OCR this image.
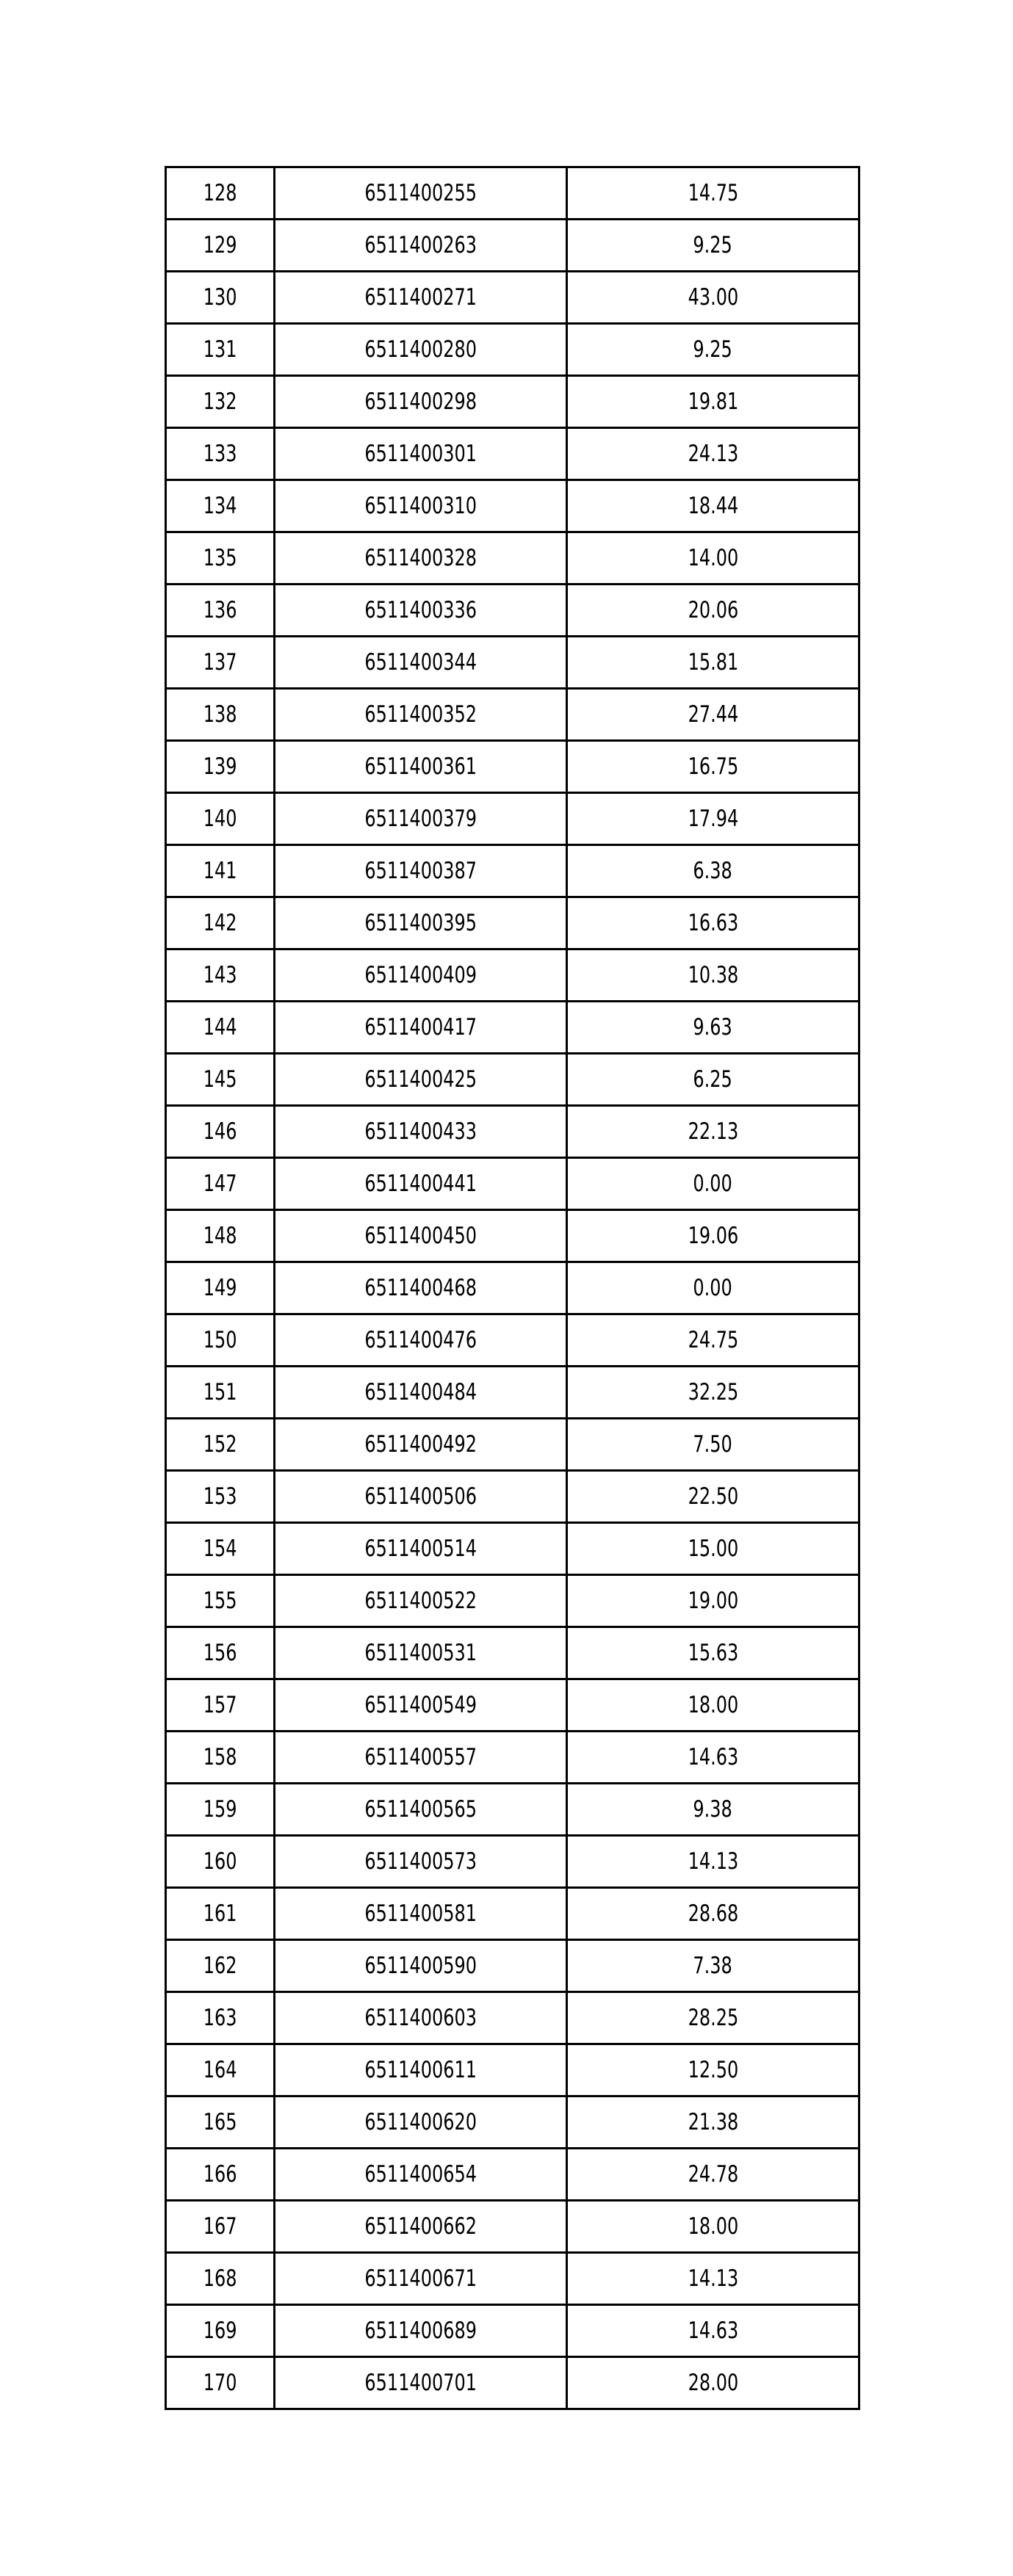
128	6511400255	14.75
129	6511400263	9.25
130	6511400271	43.00
131	6511400280	9.25
132	6511400298	19.81
133	6511400301	24.13
134	6511400310	18.44
135	6511400328	14.00
136	6511400336	20.06
137	6511400344	15.81
138	6511400352	27.44
139	6511400361	16.75
140	6511400379	17.94
141	6511400387	6.38
142	6511400395	16.63
143	6511400409	10.38
144	6511400417	9.63
145	6511400425	6.25
146	6511400433	22.13
147	6511400441	0.00
148	6511400450	19.06
149	6511400468	0.00
150	6511400476	24.75
151	6511400484	32.25
152	6511400492	7.50
153	6511400506	22.50
154	6511400514	15.00
155	6511400522	19.00
156	6511400531	15.63
157	6511400549	18.00
158	6511400557	14.63
159	6511400565	9.38
160	6511400573	14.13
161	6511400581	28.68
162	6511400590	7.38
163	6511400603	28.25
164	6511400611	12.50
165	6511400620	21.38
166	6511400654	24.78
167	6511400662	18.00
168	6511400671	14.13
169	6511400689	14.63
170	6511400701	28.00
